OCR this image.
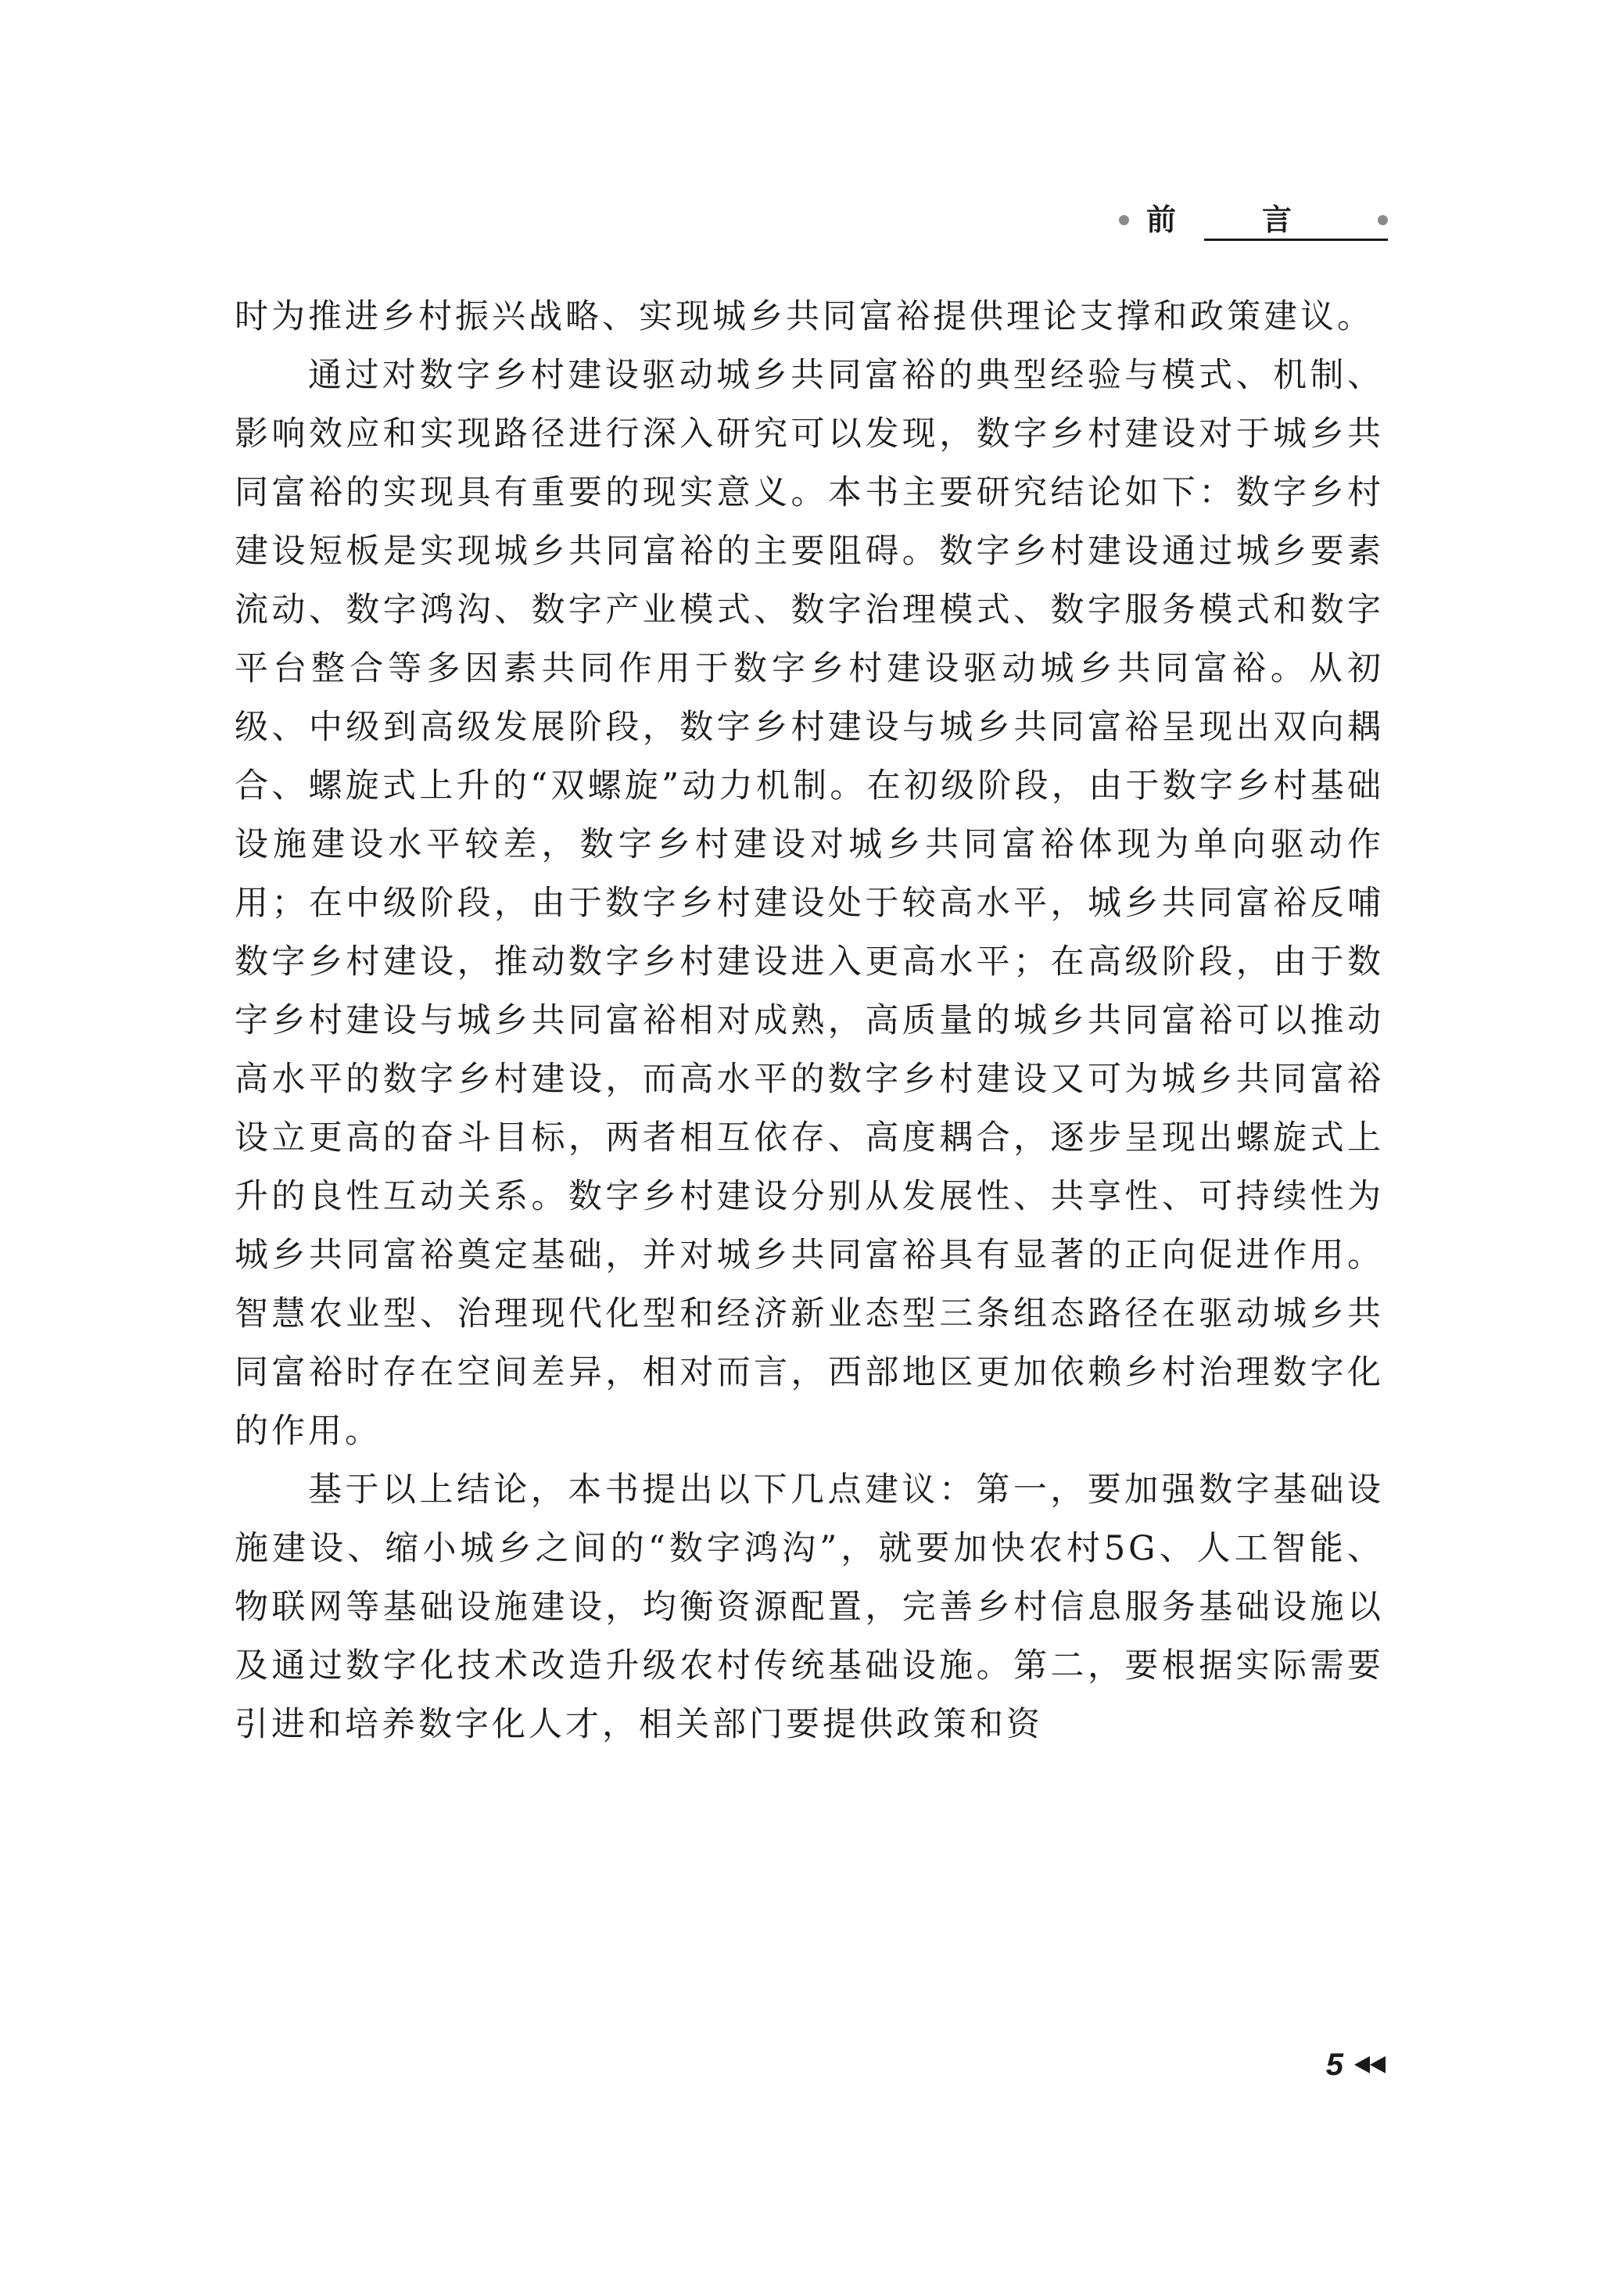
前言

时为推进乡村振兴战略、实现城乡共同富裕提供理论支撑和政策建议。

通过对数字乡村建设驱动城乡共同富裕的典型经验与模式、机制、影响效应和实现路径进行深入研究可以发现，数字乡村建设对于城乡共同富裕的实现具有重要的现实意义。本书主要研究结论如下：数字乡村建设短板是实现城乡共同富裕的主要阻碍。数字乡村建设通过城乡要素流动、数字鸿沟、数字产业模式、数字治理模式、数字服务模式和数字平台整合等多因素共同作用于数字乡村建设驱动城乡共同富裕。从初级、中级到高级发展阶段，数字乡村建设与城乡共同富裕呈现出双向耦合、螺旋式上升的“双螺旋”动力机制。在初级阶段，由于数字乡村基础设施建设水平较差，数字乡村建设对城乡共同富裕体现为单向驱动作用；在中级阶段，由于数字乡村建设处于较高水平，城乡共同富裕反哺数字乡村建设，推动数字乡村建设进入更高水平；在高级阶段，由于数字乡村建设与城乡共同富裕相对成熟，高质量的城乡共同富裕可以推动高水平的数字乡村建设，而高水平的数字乡村建设又可为城乡共同富裕设立更高的奋斗目标，两者相互依存、高度耦合，逐步呈现出螺旋式上升的良性互动关系。数字乡村建设分别从发展性、共享性、可持续性为城乡共同富裕奠定基础，并对城乡共同富裕具有显著的正向促进作用。智慧农业型、治理现代化型和经济新业态型三条组态路径在驱动城乡共同富裕时存在空间差异，相对而言，西部地区更加依赖乡村治理数字化的作用。

基于以上结论，本书提出以下几点建议：第一，要加强数字基础设施建设、缩小城乡之间的“数字鸿沟”，就要加快农村5G、人工智能、物联网等基础设施建设，均衡资源配置，完善乡村信息服务基础设施以及通过数字化技术改造升级农村传统基础设施。第二，要根据实际需要引进和培养数字化人才，相关部门要提供政策和资

5
